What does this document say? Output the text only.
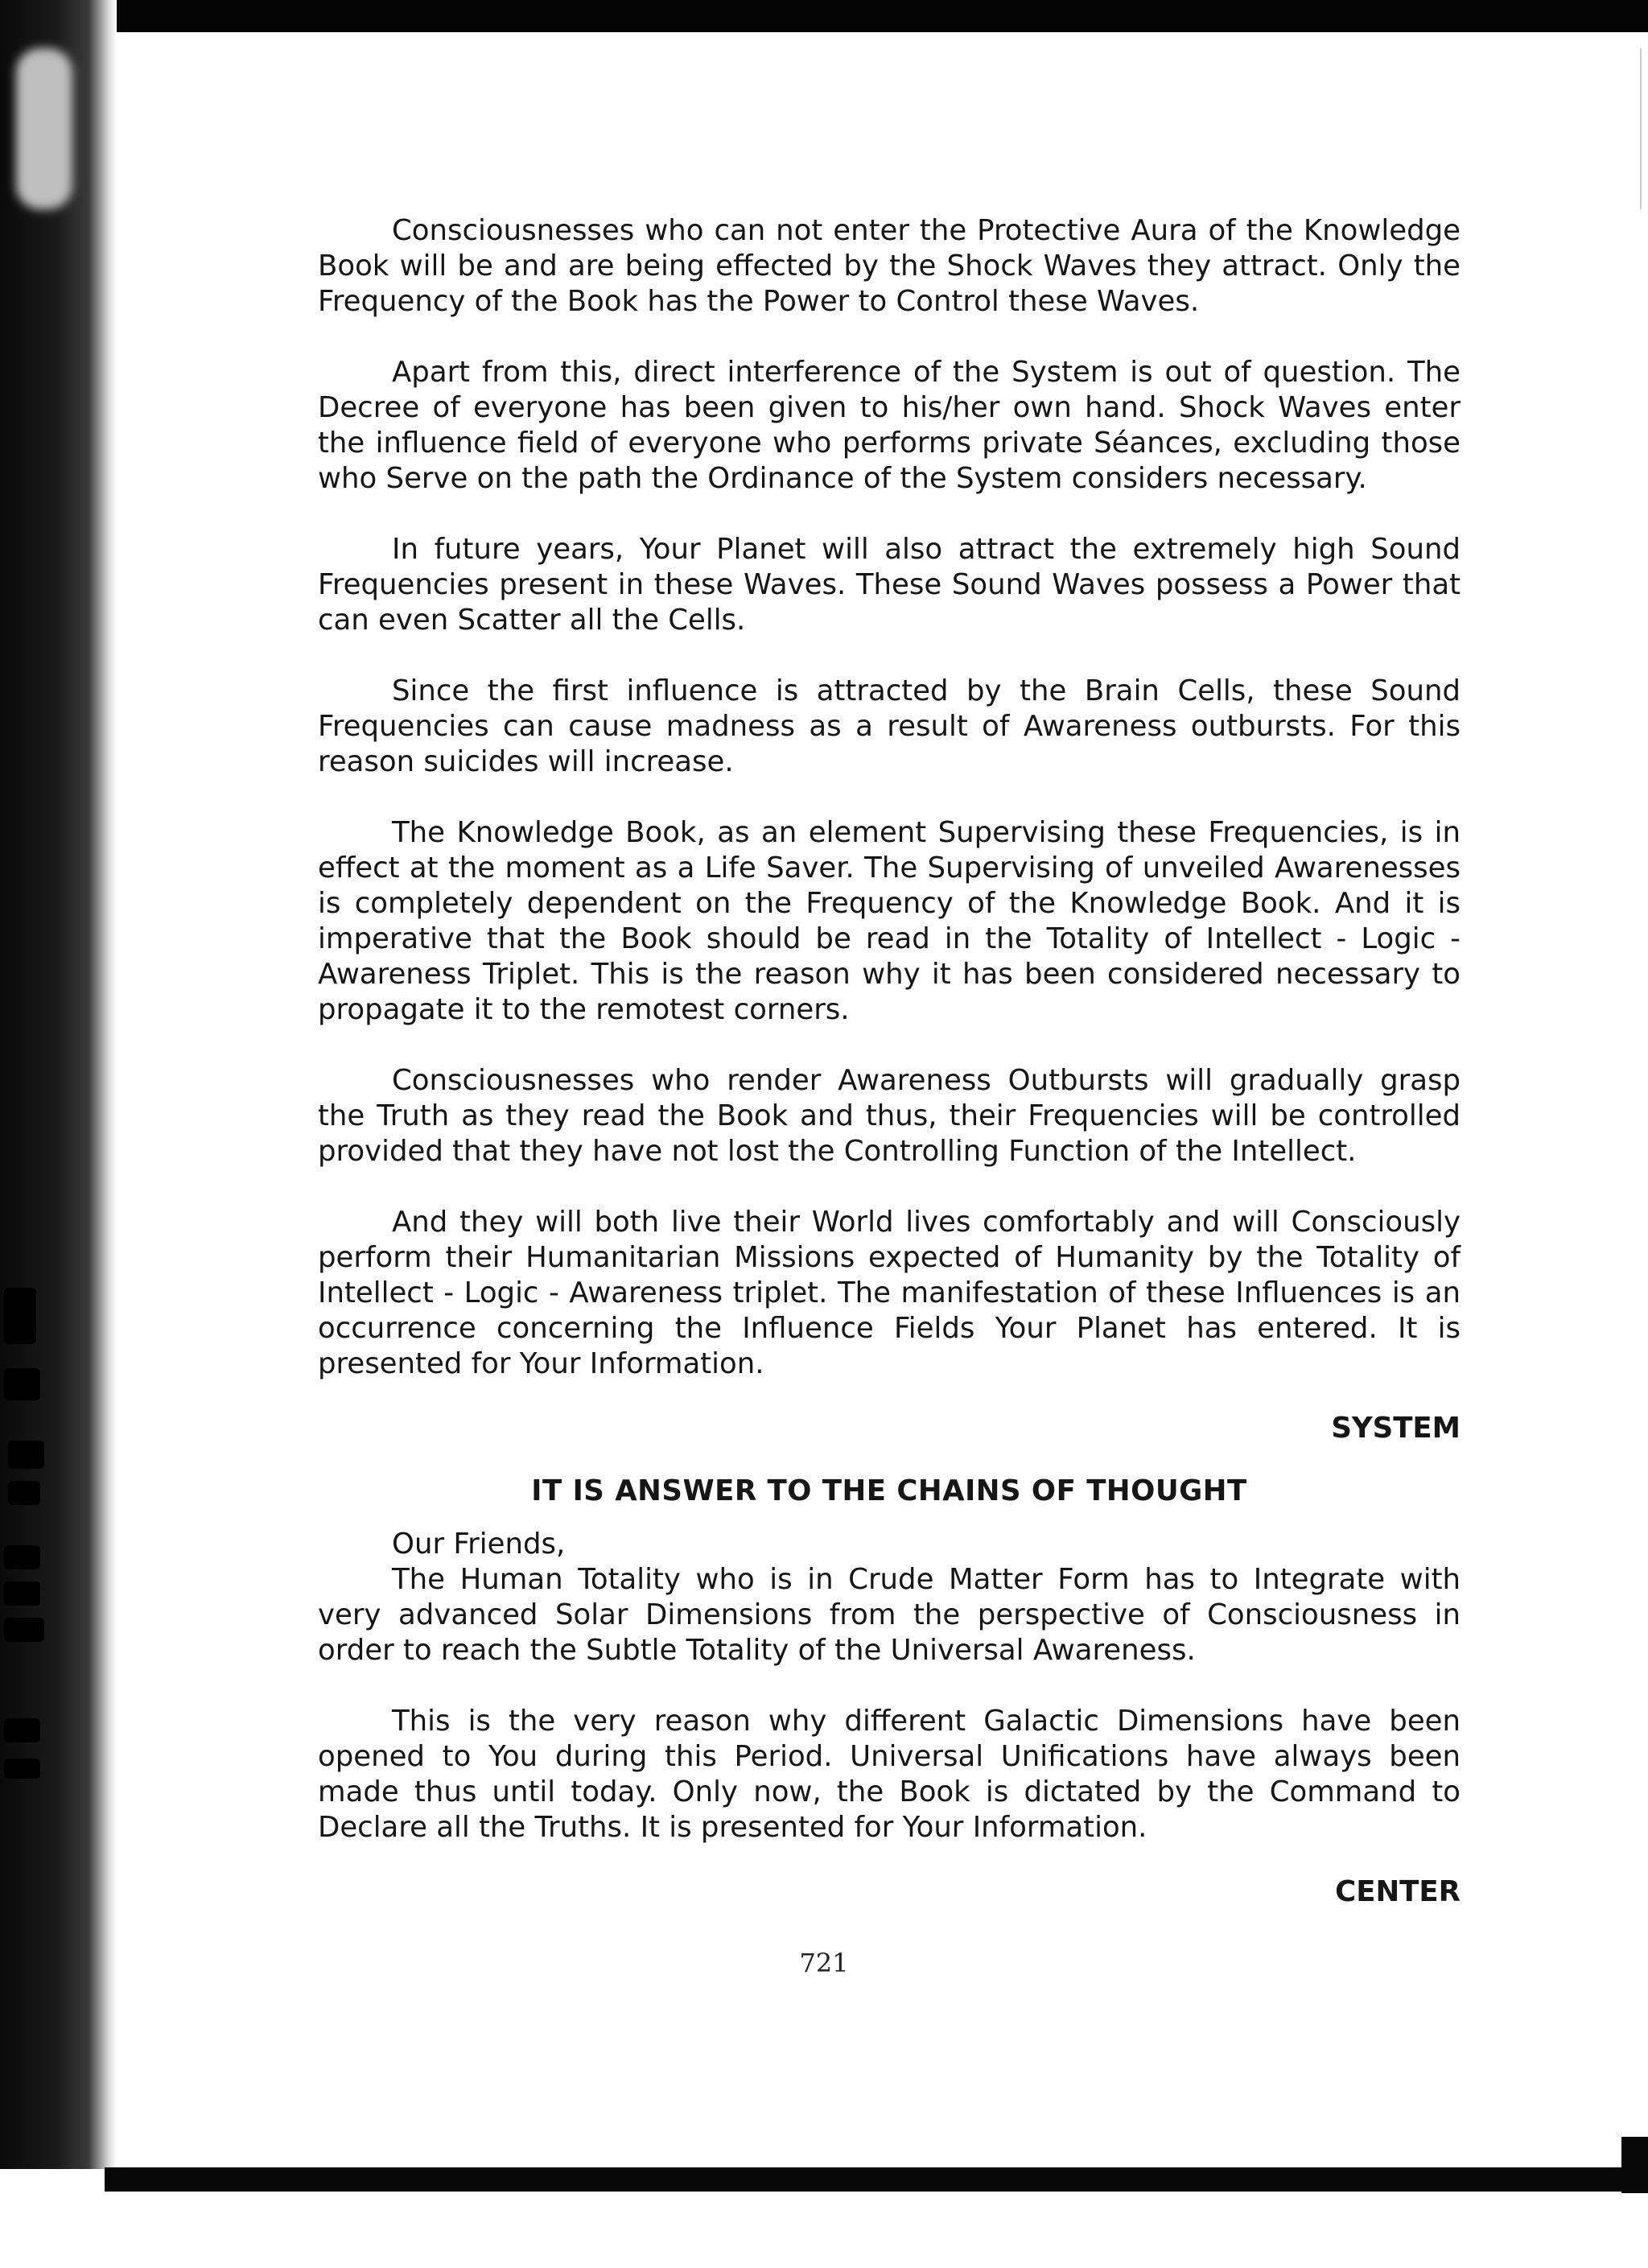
Consciousnesses who can not enter the Protective Aura of the Knowledge Book will be and are being effected by the Shock Waves they attract. Only the Frequency of the Book has the Power to Control these Waves.

Apart from this, direct interference of the System is out of question. The Decree of everyone has been given to his/her own hand. Shock Waves enter the influence field of everyone who performs private Séances, excluding those who Serve on the path the Ordinance of the System considers necessary.

In future years, Your Planet will also attract the extremely high Sound Frequencies present in these Waves. These Sound Waves possess a Power that can even Scatter all the Cells.

Since the first influence is attracted by the Brain Cells, these Sound Frequencies can cause madness as a result of Awareness outbursts. For this reason suicides will increase.

The Knowledge Book, as an element Supervising these Frequencies, is in effect at the moment as a Life Saver. The Supervising of unveiled Awarenesses is completely dependent on the Frequency of the Knowledge Book. And it is imperative that the Book should be read in the Totality of Intellect - Logic - Awareness Triplet. This is the reason why it has been considered necessary to propagate it to the remotest corners.

Consciousnesses who render Awareness Outbursts will gradually grasp the Truth as they read the Book and thus, their Frequencies will be controlled provided that they have not lost the Controlling Function of the Intellect.

And they will both live their World lives comfortably and will Consciously perform their Humanitarian Missions expected of Humanity by the Totality of Intellect - Logic - Awareness triplet. The manifestation of these Influences is an occurrence concerning the Influence Fields Your Planet has entered. It is presented for Your Information.

SYSTEM

IT IS ANSWER TO THE CHAINS OF THOUGHT

Our Friends,

The Human Totality who is in Crude Matter Form has to Integrate with very advanced Solar Dimensions from the perspective of Consciousness in order to reach the Subtle Totality of the Universal Awareness.

This is the very reason why different Galactic Dimensions have been opened to You during this Period. Universal Unifications have always been made thus until today. Only now, the Book is dictated by the Command to Declare all the Truths. It is presented for Your Information.

CENTER

721
